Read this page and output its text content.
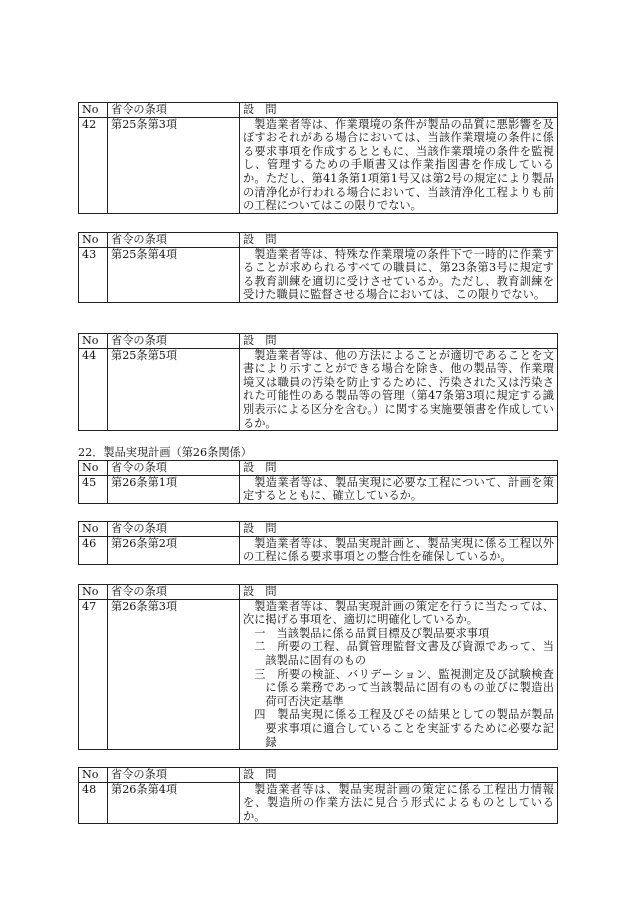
No	省令の条項	設　問
42	第25条第3項	製造業者等は、作業環境の条件が製品の品質に悪影響を及ぼすおそれがある場合においては、当該作業環境の条件に係る要求事項を作成するとともに、当該作業環境の条件を監視し、管理するための手順書又は作業指図書を作成しているか。ただし、第41条第1項第1号又は第2号の規定により製品の清浄化が行われる場合において、当該清浄化工程よりも前の工程についてはこの限りでない。
No	省令の条項	設　問
43	第25条第4項	製造業者等は、特殊な作業環境の条件下で一時的に作業することが求められるすべての職員に、第23条第3号に規定する教育訓練を適切に受けさせているか。ただし、教育訓練を受けた職員に監督させる場合においては、この限りでない。
No	省令の条項	設　問
44	第25条第5項	製造業者等は、他の方法によることが適切であることを文書により示すことができる場合を除き、他の製品等、作業環境又は職員の汚染を防止するために、汚染された又は汚染された可能性のある製品等の管理（第47条第3項に規定する識別表示による区分を含む。）に関する実施要領書を作成しているか。
22．製品実現計画（第26条関係）
No	省令の条項	設　問
45	第26条第1項	製造業者等は、製品実現に必要な工程について、計画を策定するとともに、確立しているか。
No	省令の条項	設　問
46	第26条第2項	製造業者等は、製品実現計画と、製品実現に係る工程以外の工程に係る要求事項との整合性を確保しているか。
No	省令の条項	設　問
47	第26条第3項	製造業者等は、製品実現計画の策定を行うに当たっては、次に掲げる事項を、適切に明確化しているか。
一　当該製品に係る品質目標及び製品要求事項
二　所要の工程、品質管理監督文書及び資源であって、当該製品に固有のもの
三　所要の検証、バリデーション、監視測定及び試験検査に係る業務であって当該製品に固有のもの並びに製造出荷可否決定基準
四　製品実現に係る工程及びその結果としての製品が製品要求事項に適合していることを実証するために必要な記録
No	省令の条項	設　問
48	第26条第4項	製造業者等は、製品実現計画の策定に係る工程出力情報を、製造所の作業方法に見合う形式によるものとしているか。
